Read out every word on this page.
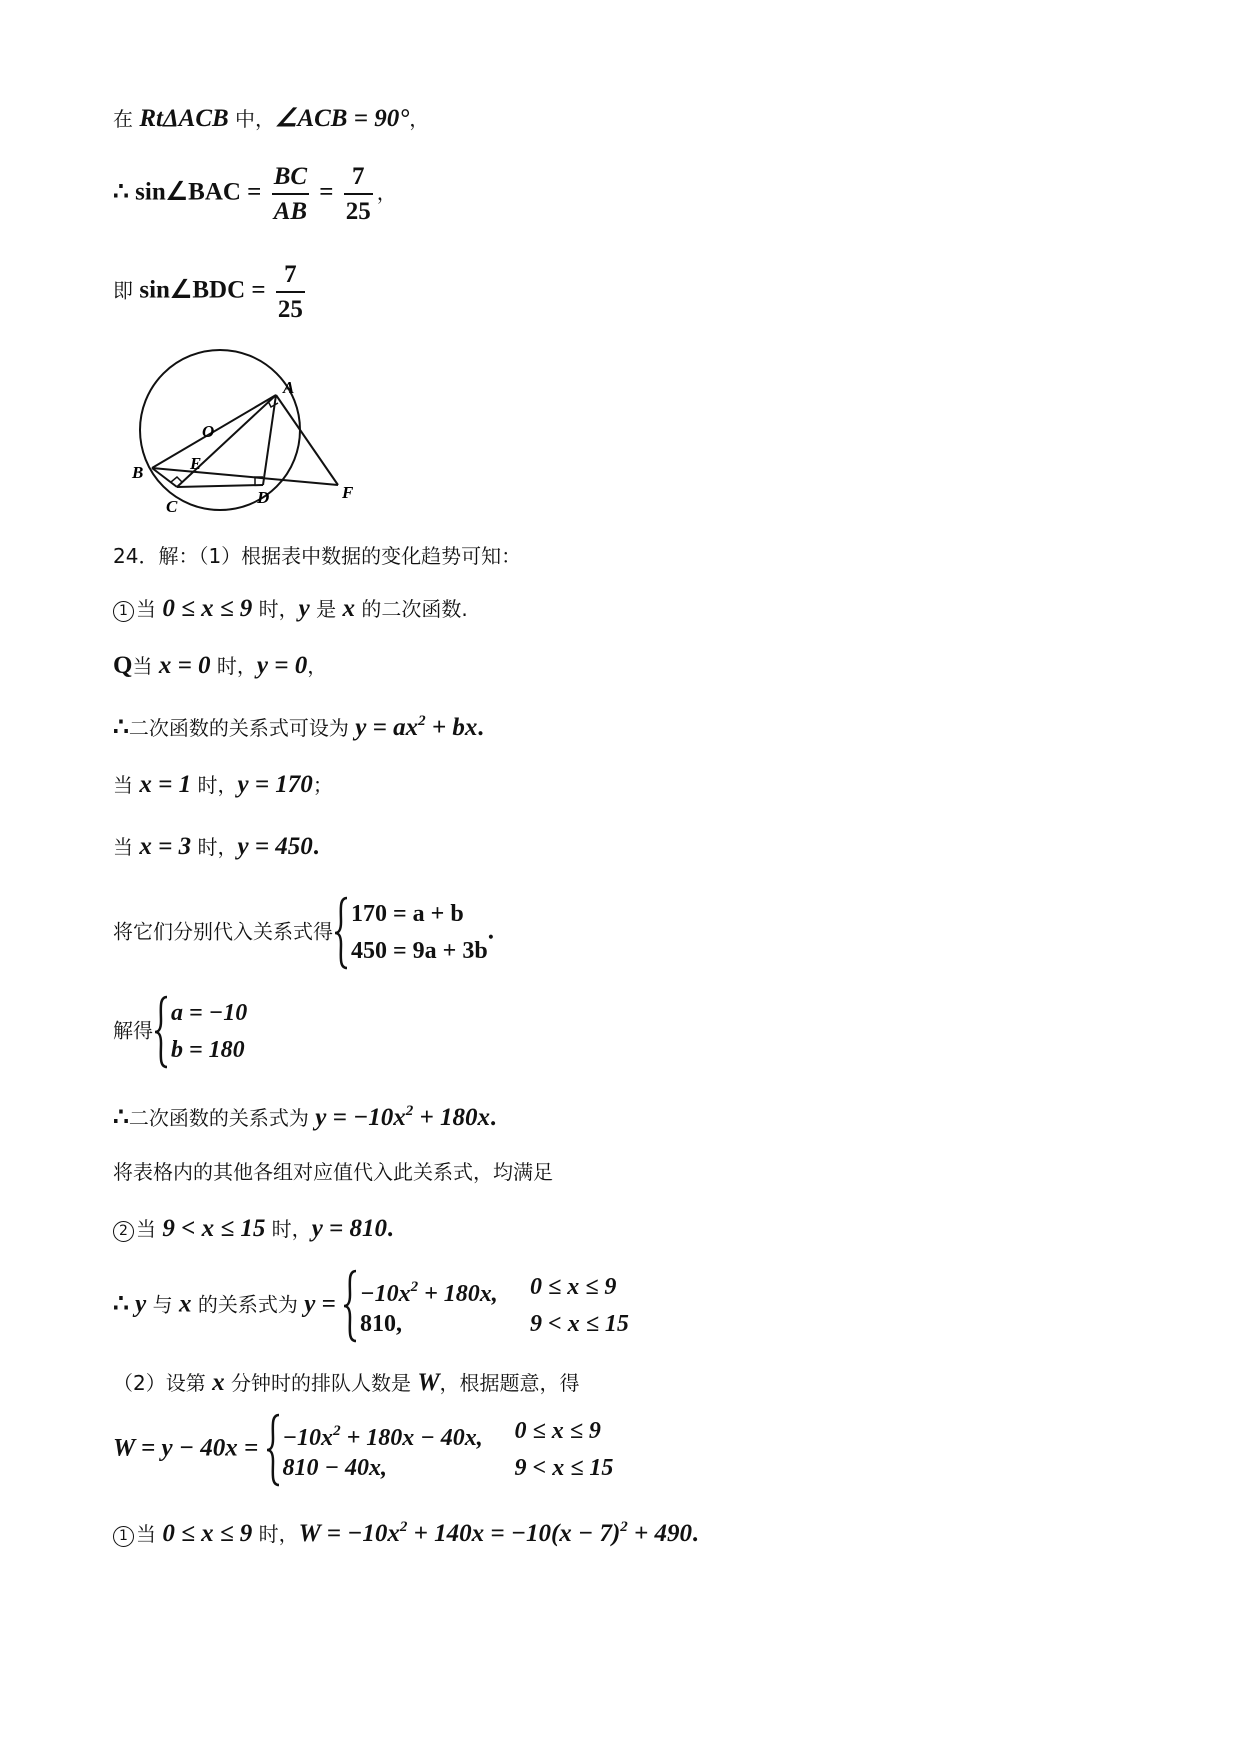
在 RtΔACB 中，∠ACB = 90°，
∴ sin∠BAC = $\frac{BC}{AB} = \frac{7}{25}$ ，
即 sin∠BDC = $\frac{7}{25}$
A
O
E
B
C	D	F
24．解：（1）根据表中数据的变化趋势可知：
1 当 0 ≤ x ≤ 9 时，y 是 x 的二次函数.
Q当 x = 0 时，y = 0，
∴二次函数的关系式可设为 $y = ax^2$ + bx.
当 x = 1 时，y = 170；
当 x = 3 时，y = 450.
将它们分别代入关系式得
170 = a + b
450 = 9a + 3b
.
解得
a = −10
b = 180
∴二次函数的关系式为 $y = -10x^2 + 180x$.
将表格内的其他各组对应值代入此关系式，均满足
2 当 9 < x ≤ 15 时，y = 810.
∴ y 与 x 的关系式为 $y = -10x^2 + 180x$, 0 ≤ x ≤ 9
810,	9 < x ≤ 15
（2）设第 x 分钟时的排队人数是 W，根据题意，得
$W = y - 40x = -10x^2 + 180x - 40x$, 0 ≤ x ≤ 9
810 − 40x,	9 < x ≤ 15
1 当 0 ≤ x ≤ 9 时，$W = -10x^2 + 140x = -10(x - 7)^2 + 490$.
